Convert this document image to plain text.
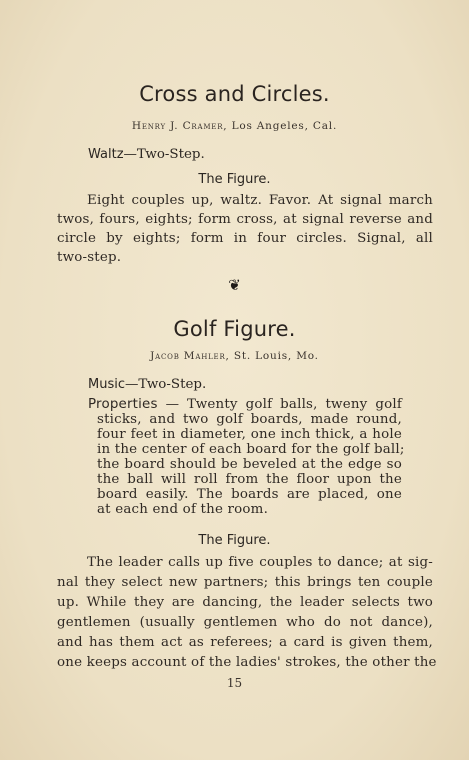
Cross and Circles.
Henry J. Cramer, Los Angeles, Cal.
Waltz—Two-Step.
The Figure.
Eight couples up, waltz. Favor. At signal march
twos, fours, eights; form cross, at signal reverse and
circle by eights; form in four circles. Signal, all
two-step.
❦
Golf Figure.
Jacob Mahler, St. Louis, Mo.
Music—Two-Step.
Properties — Twenty golf balls, tweny golf
sticks, and two golf boards, made round,
four feet in diameter, one inch thick, a hole
in the center of each board for the golf ball;
the board should be beveled at the edge so
the ball will roll from the floor upon the
board easily. The boards are placed, one
at each end of the room.
The Figure.
The leader calls up five couples to dance; at sig-
nal they select new partners; this brings ten couple
up. While they are dancing, the leader selects two
gentlemen (usually gentlemen who do not dance),
and has them act as referees; a card is given them,
one keeps account of the ladies' strokes, the other the
15
